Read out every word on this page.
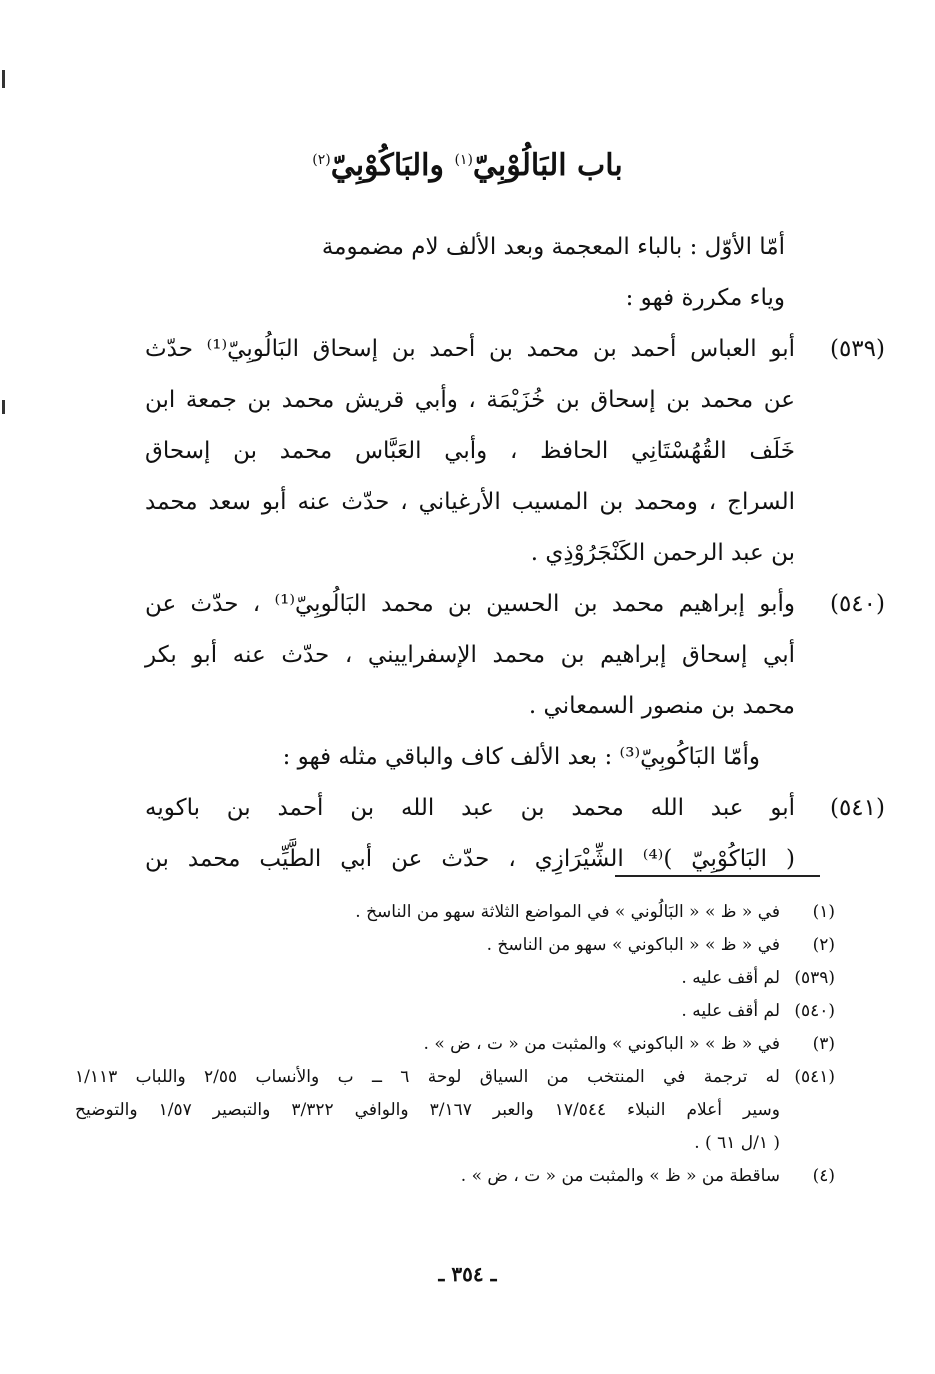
باب البَالُوْبِيّ$^{(١)}$ والبَاكُوْبِيّ$^{(٢)}$

أمّا الأوّل : بالباء المعجمة وبعد الألف لام مضمومة

وياء مكررة فهو :

(٥٣٩)
أبو العباس أحمد بن محمد بن أحمد بن إسحاق البَالُوبِيّ⁽¹⁾ حدّث
عن محمد بن إسحاق بن خُزَيْمَة ، وأبي قريش محمد بن جمعة ابن
خَلَف القُهُسْتَانِي الحافظ ، وأبي العَبَّاس محمد بن إسحاق
السراج ، ومحمد بن المسيب الأرغياني ، حدّث عنه أبو سعد محمد
بن عبد الرحمن الكَنْجَرُوْذِي .
(٥٤٠)
وأبو إبراهيم محمد بن الحسين بن محمد البَالُوبِيّ⁽¹⁾ ، حدّث عن
أبي إسحاق إبراهيم بن محمد الإسفراييني ، حدّث عنه أبو بكر
محمد بن منصور السمعاني .

وأمّا البَاكُوبِيّ⁽³⁾ : بعد الألف كاف والباقي مثله فهو :

(٥٤١)
أبو عبد الله محمد بن عبد الله بن أحمد بن باكويه
( البَاكُوْبِيّ )⁽⁴⁾ الشِّيْرَازِي ، حدّث عن أبي الطَّيِّب محمد بن
(١)
في « ظ » « البَالُوني » في المواضع الثلاثة سهو من الناسخ .
(٢)
في « ظ » « الباكوني » سهو من الناسخ .
(٥٣٩)
لم أقف عليه .
(٥٤٠)
لم أقف عليه .
(٣)
في « ظ » « الباكوني » والمثبت من « ت ، ض » .
(٥٤١)
له ترجمة في المنتخب من السياق لوحة ٦ ــ ب والأنساب ٢/٥٥ واللباب ١/١١٣
وسير أعلام النبلاء ١٧/٥٤٤ والعبر ٣/١٦٧ والوافي ٣/٣٢٢ والتبصير ١/٥٧ والتوضيح
( ١/ل ٦١ ) .
(٤)
ساقطة من « ظ » والمثبت من « ت ، ض » .
ـ ٣٥٤ ـ
